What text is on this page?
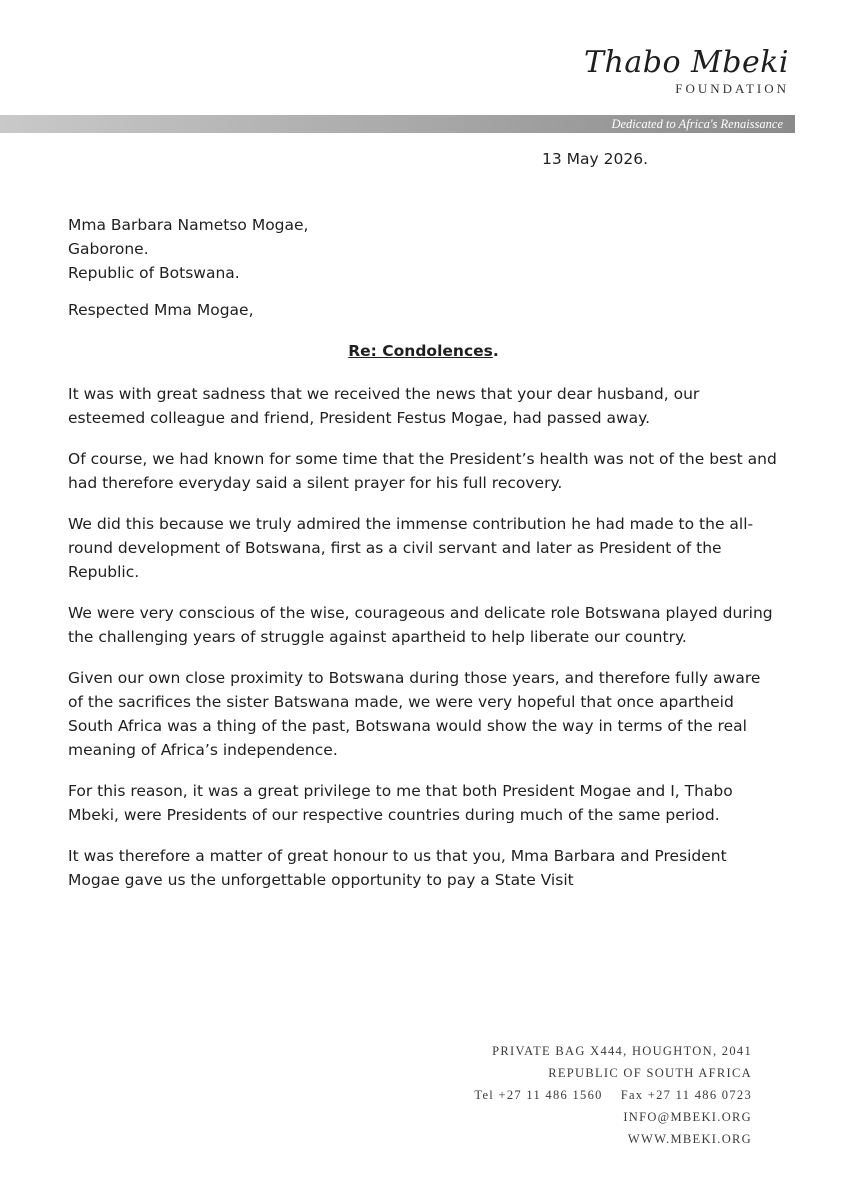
Thabo Mbeki
FOUNDATION
Dedicated to Africa's Renaissance
13 May 2026.
Mma Barbara Nametso Mogae,
Gaborone.
Republic of Botswana.
Respected Mma Mogae,
Re: Condolences.

It was with great sadness that we received the news that your dear husband, our esteemed colleague and friend, President Festus Mogae, had passed away.

Of course, we had known for some time that the President’s health was not of the best and had therefore everyday said a silent prayer for his full recovery.

We did this because we truly admired the immense contribution he had made to the all-round development of Botswana, first as a civil servant and later as President of the Republic.

We were very conscious of the wise, courageous and delicate role Botswana played during the challenging years of struggle against apartheid to help liberate our country.

Given our own close proximity to Botswana during those years, and therefore fully aware of the sacrifices the sister Batswana made, we were very hopeful that once apartheid South Africa was a thing of the past, Botswana would show the way in terms of the real meaning of Africa’s independence.

For this reason, it was a great privilege to me that both President Mogae and I, Thabo Mbeki, were Presidents of our respective countries during much of the same period.

It was therefore a matter of great honour to us that you, Mma Barbara and President Mogae gave us the unforgettable opportunity to pay a State Visit

PRIVATE BAG X444, HOUGHTON, 2041
REPUBLIC OF SOUTH AFRICA
Tel +27 11 486 1560 Fax +27 11 486 0723
INFO@MBEKI.ORG
WWW.MBEKI.ORG
